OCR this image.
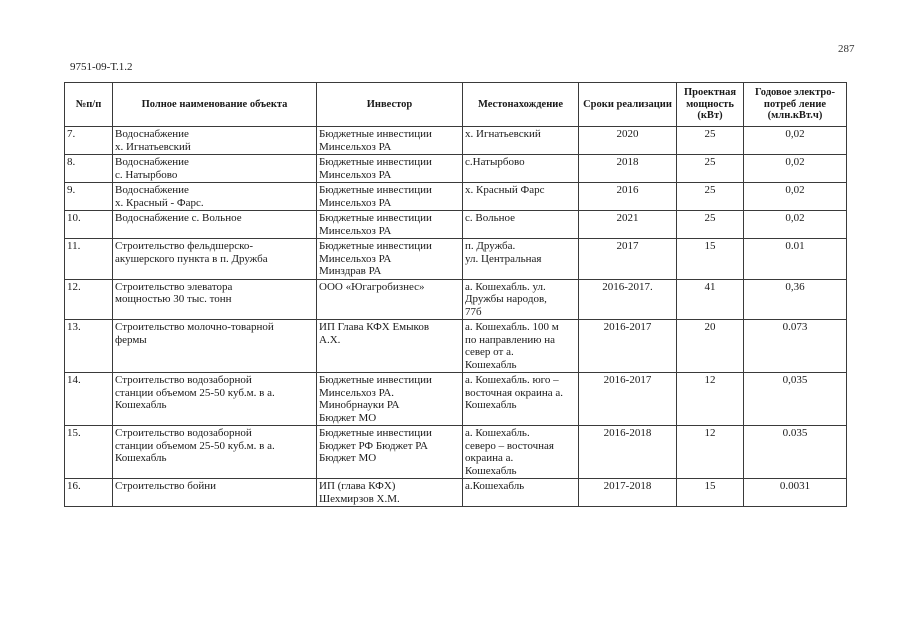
287
9751-09-Т.1.2
№п/п	Полное наименование объекта	Инвестор	Местонахождение	Сроки реализации	Проектная мощность (кВт)	Годовое электро-потреб ление (млн.кВт.ч)
7.	Водоснабжение
х. Игнатьевский	Бюджетные инвестиции
Минсельхоз РА	х. Игнатьевский	2020	25	0,02
8.	Водоснабжение
с. Натырбово	Бюджетные инвестиции
Минсельхоз РА	с.Натырбово	2018	25	0,02
9.	Водоснабжение
х. Красный - Фарс.	Бюджетные инвестиции
Минсельхоз РА	х. Красный Фарс	2016	25	0,02
10.	Водоснабжение с. Вольное	Бюджетные инвестиции
Минсельхоз РА	с. Вольное	2021	25	0,02
11.	Строительство фельдшерско-
акушерского пункта в п. Дружба	Бюджетные инвестиции
Минсельхоз РА
Минздрав РА	п. Дружба.
ул. Центральная	2017	15	0.01
12.	Строительство элеватора
мощностью 30 тыс. тонн	ООО «Югагробизнес»	а. Кошехабль. ул.
Дружбы народов,
77б	2016-2017.	41	0,36
13.	Строительство молочно-товарной
фермы	ИП Глава КФХ Емыков
А.Х.	а. Кошехабль. 100 м
по направлению на
север от а.
Кошехабль	2016-2017	20	0.073
14.	Строительство водозаборной
станции объемом 25-50 куб.м. в а.
Кошехабль	Бюджетные инвестиции
Минсельхоз РА.
Минобрнауки РА
Бюджет МО	а. Кошехабль. юго –
восточная окраина а.
Кошехабль	2016-2017	12	0,035
15.	Строительство водозаборной
станции объемом 25-50 куб.м. в а.
Кошехабль	Бюджетные инвестиции
Бюджет РФ Бюджет РА
Бюджет МО	а. Кошехабль.
северо – восточная
окраина а.
Кошехабль	2016-2018	12	0.035
16.	Строительство бойни	ИП (глава КФХ)
Шехмирзов Х.М.	а.Кошехабль	2017-2018	15	0.0031
